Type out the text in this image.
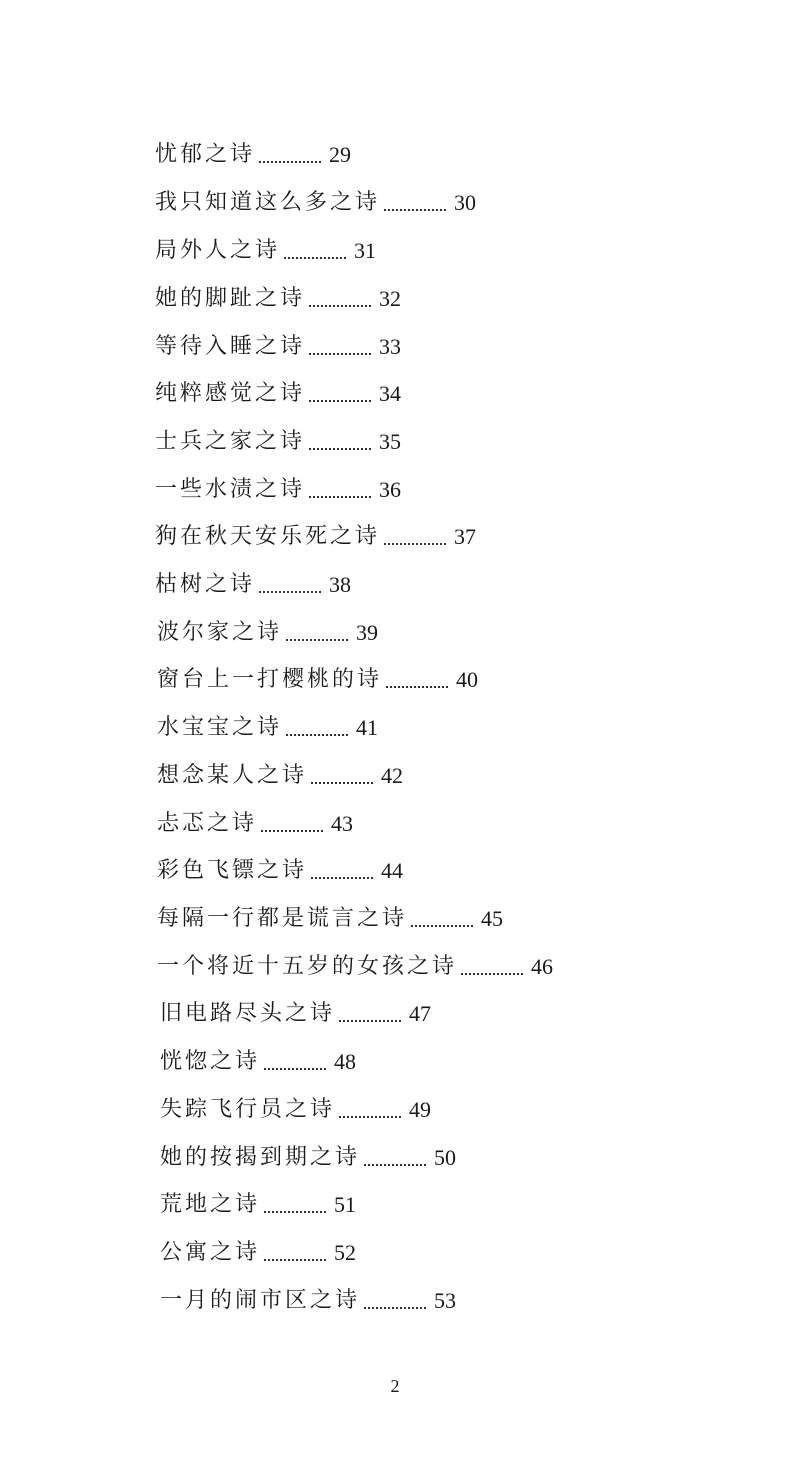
忧郁之诗	29
我只知道这么多之诗	30
局外人之诗	31
她的脚趾之诗	32
等待入睡之诗	33
纯粹感觉之诗	34
士兵之家之诗	35
一些水渍之诗	36
狗在秋天安乐死之诗	37
枯树之诗	38
波尔家之诗	39
窗台上一打樱桃的诗	40
水宝宝之诗	41
想念某人之诗	42
忐忑之诗	43
彩色飞镖之诗	44
每隔一行都是谎言之诗	45
一个将近十五岁的女孩之诗	46
旧电路尽头之诗	47
恍惚之诗	48
失踪飞行员之诗	49
她的按揭到期之诗	50
荒地之诗	51
公寓之诗	52
一月的闹市区之诗	53
2
